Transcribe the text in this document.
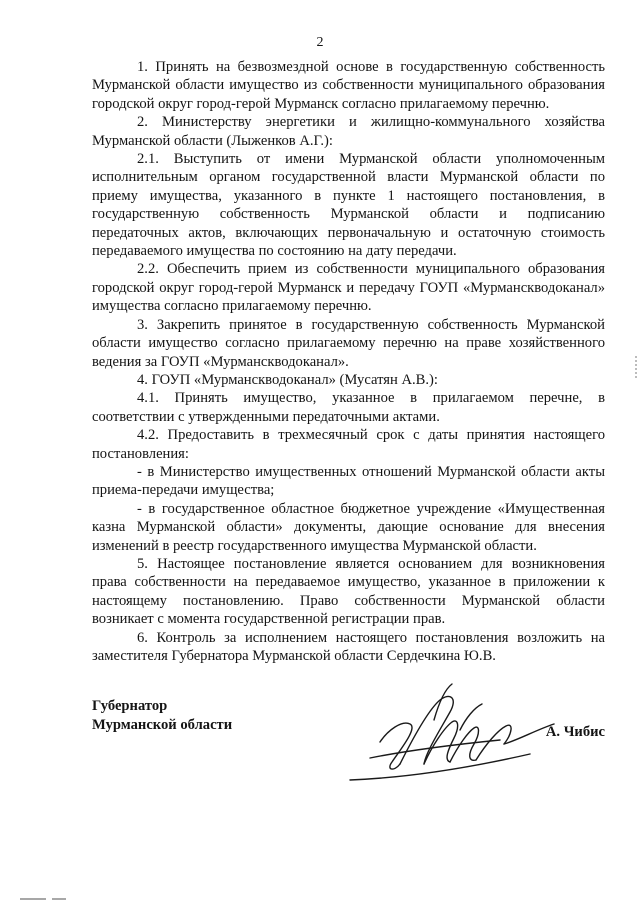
2

1. Принять на безвозмездной основе в государственную собственность Мурманской области имущество из собственности муниципального образования городской округ город-герой Мурманск согласно прилагаемому перечню.

2. Министерству энергетики и жилищно-коммунального хозяйства Мурманской области (Лыженков А.Г.):

2.1. Выступить от имени Мурманской области уполномоченным исполнительным органом государственной власти Мурманской области по приему имущества, указанного в пункте 1 настоящего постановления, в государственную собственность Мурманской области и подписанию передаточных актов, включающих первоначальную и остаточную стоимость передаваемого имущества по состоянию на дату передачи.

2.2. Обеспечить прием из собственности муниципального образования городской округ город-герой Мурманск и передачу ГОУП «Мурманскводоканал» имущества согласно прилагаемому перечню.

3. Закрепить принятое в государственную собственность Мурманской области имущество согласно прилагаемому перечню на праве хозяйственного ведения за ГОУП «Мурманскводоканал».

4. ГОУП «Мурманскводоканал» (Мусатян А.В.):

4.1. Принять имущество, указанное в прилагаемом перечне, в соответствии с утвержденными передаточными актами.

4.2. Предоставить в трехмесячный срок с даты принятия настоящего постановления:

- в Министерство имущественных отношений Мурманской области акты приема-передачи имущества;

- в государственное областное бюджетное учреждение «Имущественная казна Мурманской области» документы, дающие основание для внесения изменений в реестр государственного имущества Мурманской области.

5. Настоящее постановление является основанием для возникновения права собственности на передаваемое имущество, указанное в приложении к настоящему постановлению. Право собственности Мурманской области возникает с момента государственной регистрации прав.

6. Контроль за исполнением настоящего постановления возложить на заместителя Губернатора Мурманской области Сердечкина Ю.В.

Губернатор
Мурманской области	А. Чибис
